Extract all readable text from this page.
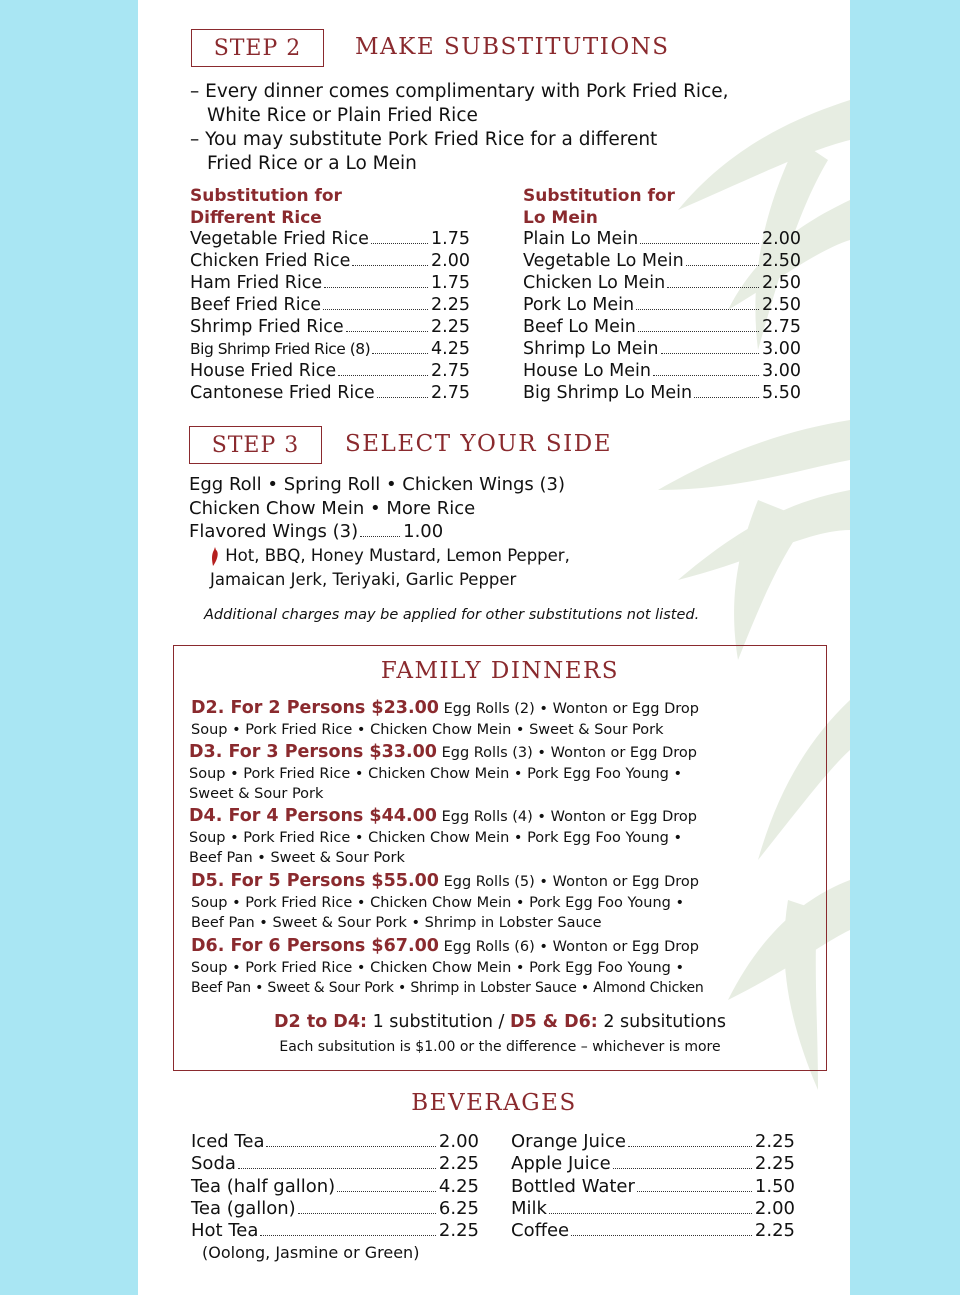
STEP 2	MAKE SUBSTITUTIONS
– Every dinner comes complimentary with Pork Fried Rice,
White Rice or Plain Fried Rice
– You may substitute Pork Fried Rice for a different
Fried Rice or a Lo Mein
Substitution for
Different Rice
Substitution for
Lo Mein
Vegetable Fried Rice	1.75
Chicken Fried Rice	2.00
Ham Fried Rice	1.75
Beef Fried Rice	2.25
Shrimp Fried Rice	2.25
Big Shrimp Fried Rice (8)	4.25
House Fried Rice	2.75
Cantonese Fried Rice	2.75
Plain Lo Mein	2.00
Vegetable Lo Mein	2.50
Chicken Lo Mein	2.50
Pork Lo Mein	2.50
Beef Lo Mein	2.75
Shrimp Lo Mein	3.00
House Lo Mein	3.00
Big Shrimp Lo Mein	5.50
STEP 3	SELECT YOUR SIDE
Egg Roll • Spring Roll • Chicken Wings (3)
Chicken Chow Mein • More Rice
Flavored Wings (3)	1.00
Hot, BBQ, Honey Mustard, Lemon Pepper,
Jamaican Jerk, Teriyaki, Garlic Pepper
Additional charges may be applied for other substitutions not listed.
FAMILY DINNERS
D2. For 2 Persons $23.00 Egg Rolls (2) • Wonton or Egg Drop
Soup • Pork Fried Rice • Chicken Chow Mein • Sweet & Sour Pork
D3. For 3 Persons $33.00 Egg Rolls (3) • Wonton or Egg Drop
Soup • Pork Fried Rice • Chicken Chow Mein • Pork Egg Foo Young •
Sweet & Sour Pork
D4. For 4 Persons $44.00 Egg Rolls (4) • Wonton or Egg Drop
Soup • Pork Fried Rice • Chicken Chow Mein • Pork Egg Foo Young •
Beef Pan • Sweet & Sour Pork
D5. For 5 Persons $55.00 Egg Rolls (5) • Wonton or Egg Drop
Soup • Pork Fried Rice • Chicken Chow Mein • Pork Egg Foo Young •
Beef Pan • Sweet & Sour Pork • Shrimp in Lobster Sauce
D6. For 6 Persons $67.00 Egg Rolls (6) • Wonton or Egg Drop
Soup • Pork Fried Rice • Chicken Chow Mein • Pork Egg Foo Young •
Beef Pan • Sweet & Sour Pork • Shrimp in Lobster Sauce • Almond Chicken
D2 to D4: 1 substitution / D5 & D6: 2 subsitutions
Each subsitution is $1.00 or the difference – whichever is more
BEVERAGES
Iced Tea	2.00
Soda	2.25
Tea (half gallon)	4.25
Tea (gallon)	6.25
Hot Tea	2.25
(Oolong, Jasmine or Green)
Orange Juice	2.25
Apple Juice	2.25
Bottled Water	1.50
Milk	2.00
Coffee	2.25
